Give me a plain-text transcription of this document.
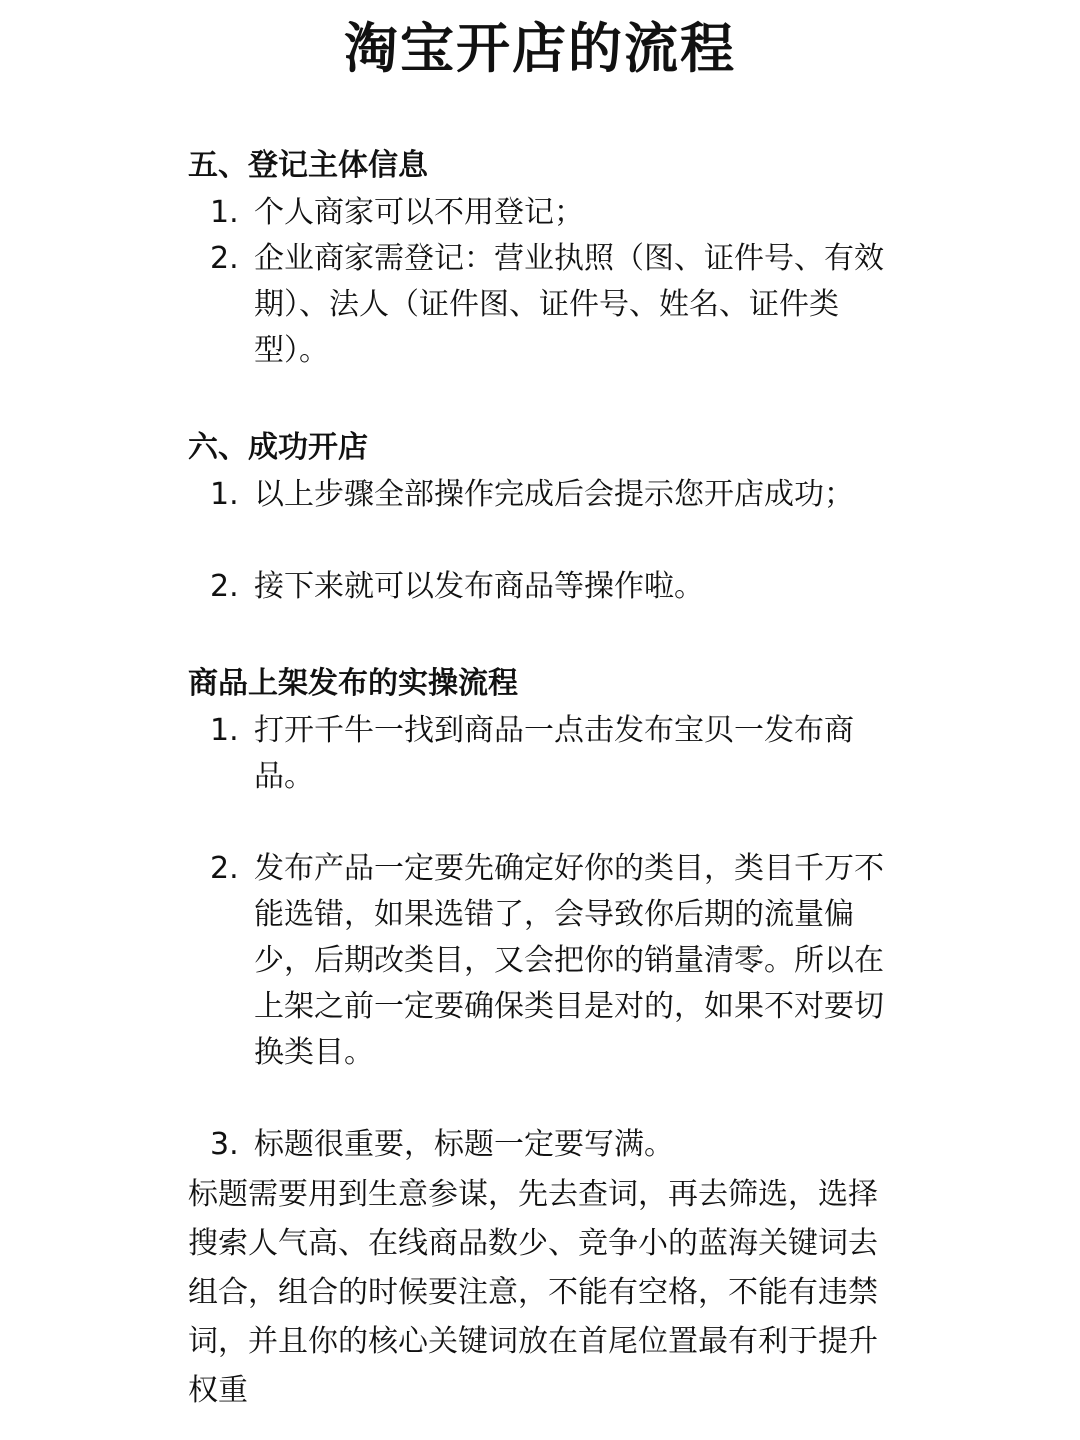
淘宝开店的流程
五、登记主体信息
1. 个人商家可以不用登记；
2. 企业商家需登记：营业执照（图、证件号、有效期）、法人（证件图、证件号、姓名、证件类型）。
六、成功开店
1. 以上步骤全部操作完成后会提示您开店成功；
2. 接下来就可以发布商品等操作啦。
商品上架发布的实操流程
1. 打开千牛一找到商品一点击发布宝贝一发布商品。
2. 发布产品一定要先确定好你的类目，类目千万不能选错，如果选错了，会导致你后期的流量偏少，后期改类目，又会把你的销量清零。所以在上架之前一定要确保类目是对的，如果不对要切换类目。
3. 标题很重要，标题一定要写满。
标题需要用到生意参谋，先去查词，再去筛选，选择搜索人气高、在线商品数少、竞争小的蓝海关键词去组合，组合的时候要注意，不能有空格，不能有违禁词，并且你的核心关键词放在首尾位置最有利于提升权重
